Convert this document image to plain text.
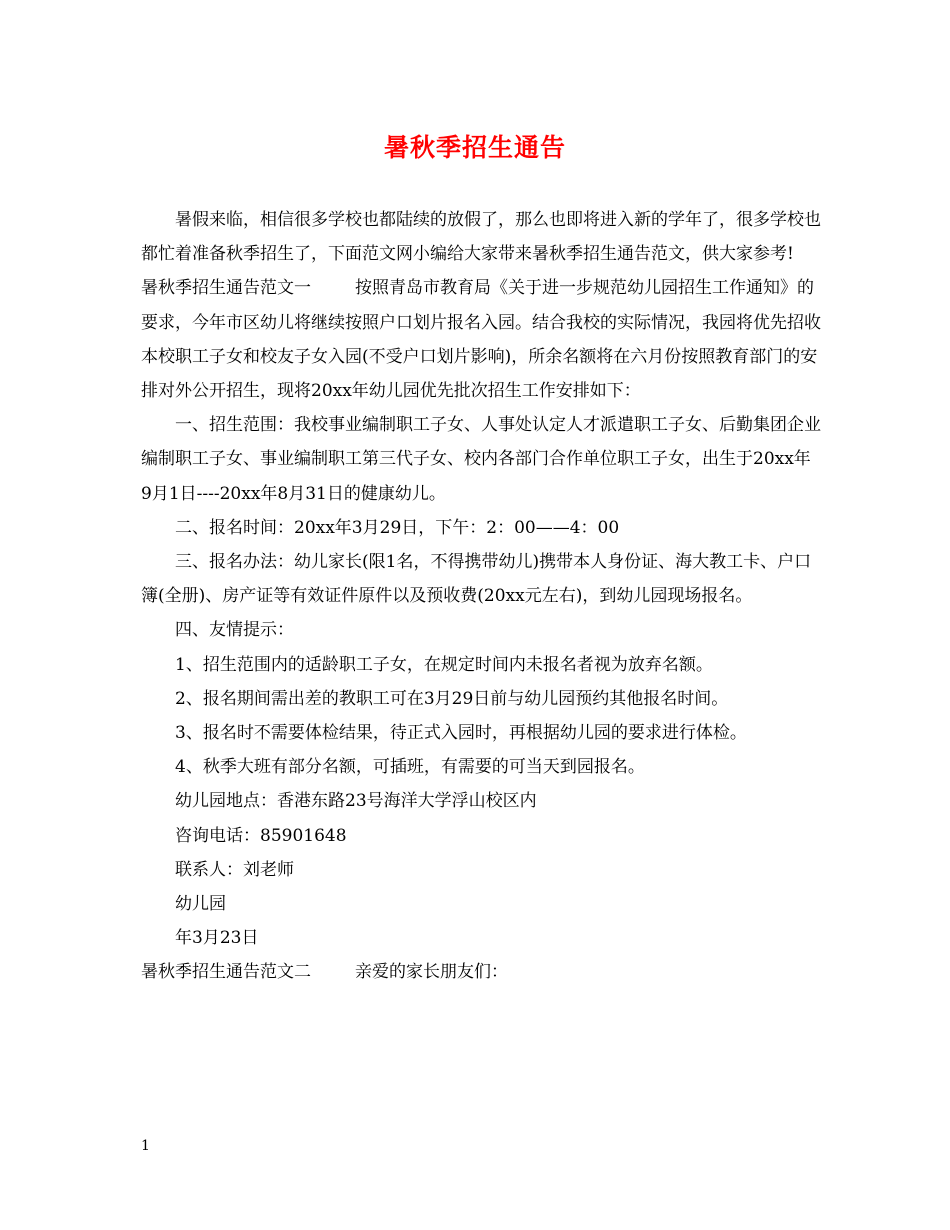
暑秋季招生通告

暑假来临，相信很多学校也都陆续的放假了，那么也即将进入新的学年了，很多学校也都忙着准备秋季招生了，下面范文网小编给大家带来暑秋季招生通告范文，供大家参考!

暑秋季招生通告范文一	按照青岛市教育局《关于进一步规范幼儿园招生工作通知》的要求，今年市区幼儿将继续按照户口划片报名入园。结合我校的实际情况，我园将优先招收本校职工子女和校友子女入园(不受户口划片影响)，所余名额将在六月份按照教育部门的安排对外公开招生，现将20xx年幼儿园优先批次招生工作安排如下：

一、招生范围：我校事业编制职工子女、人事处认定人才派遣职工子女、后勤集团企业编制职工子女、事业编制职工第三代子女、校内各部门合作单位职工子女，出生于20xx年9月1日----20xx年8月31日的健康幼儿。

二、报名时间：20xx年3月29日，下午：2：00——4：00

三、报名办法：幼儿家长(限1名，不得携带幼儿)携带本人身份证、海大教工卡、户口簿(全册)、房产证等有效证件原件以及预收费(20xx元左右)，到幼儿园现场报名。

四、友情提示：

1、招生范围内的适龄职工子女，在规定时间内未报名者视为放弃名额。

2、报名期间需出差的教职工可在3月29日前与幼儿园预约其他报名时间。

3、报名时不需要体检结果，待正式入园时，再根据幼儿园的要求进行体检。

4、秋季大班有部分名额，可插班，有需要的可当天到园报名。

幼儿园地点：香港东路23号海洋大学浮山校区内

咨询电话：85901648

联系人：刘老师

幼儿园

年3月23日

暑秋季招生通告范文二	亲爱的家长朋友们：

1
